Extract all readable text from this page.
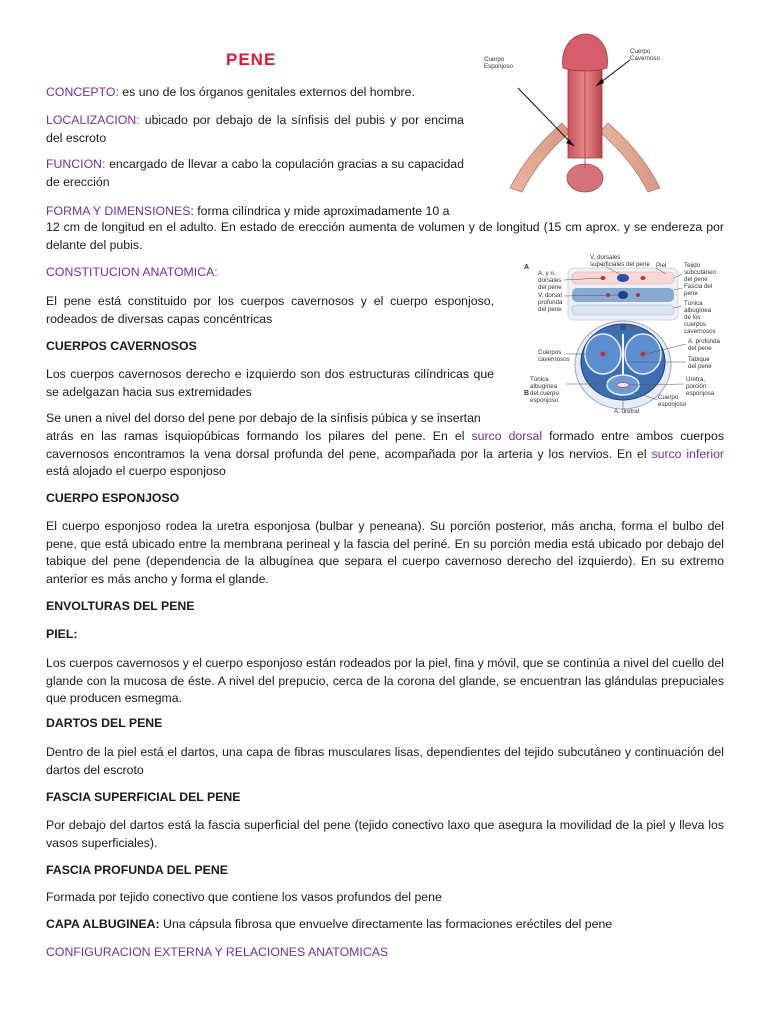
PENE
CONCEPTO: es uno de los órganos genitales externos del hombre.
LOCALIZACION: ubicado por debajo de la sínfisis del pubis y por encima del escroto
FUNCION: encargado de llevar a cabo la copulación gracias a su capacidad de erección
FORMA Y DIMENSIONES: forma cilíndrica y mide aproximadamente 10 a
12 cm de longitud en el adulto. En estado de erección aumenta de volumen y de longitud (15 cm aprox. y se endereza por delante del pubis.
CONSTITUCION ANATOMICA:
El pene está constituido por los cuerpos cavernosos y el cuerpo esponjoso, rodeados de diversas capas concéntricas
CUERPOS CAVERNOSOS
Los cuerpos cavernosos derecho e izquierdo son dos estructuras cilíndricas que se adelgazan hacia sus extremidades
Se unen a nivel del dorso del pene por debajo de la sínfisis púbica y se insertan
atrás en las ramas isquiopúbicas formando los pilares del pene. En el surco dorsal formado entre ambos cuerpos cavernosos encontramos la vena dorsal profunda del pene, acompañada por la arteria y los nervios. En el surco inferior está alojado el cuerpo esponjoso
CUERPO ESPONJOSO
El cuerpo esponjoso rodea la uretra esponjosa (bulbar y peneana). Su porción posterior, más ancha, forma el bulbo del pene, que está ubicado entre la membrana perineal y la fascia del periné. En su porción media está ubicado por debajo del tabique del pene (dependencia de la albugínea que separa el cuerpo cavernoso derecho del izquierdo). En su extremo anterior es más ancho y forma el glande.
ENVOLTURAS DEL PENE
PIEL:
Los cuerpos cavernosos y el cuerpo esponjoso están rodeados por la piel, fina y móvil, que se continúa a nivel del cuello del glande con la mucosa de éste. A nivel del prepucio, cerca de la corona del glande, se encuentran las glándulas prepuciales que producen esmegma.
DARTOS DEL PENE
Dentro de la piel está el dartos, una capa de fibras musculares lisas, dependientes del tejido subcutáneo y continuación del dartos del escroto
FASCIA SUPERFICIAL DEL PENE
Por debajo del dartos está la fascia superficial del pene (tejido conectivo laxo que asegura la movilidad de la piel y lleva los vasos superficiales).
FASCIA PROFUNDA DEL PENE
Formada por tejido conectivo que contiene los vasos profundos del pene
CAPA ALBUGINEA: Una cápsula fibrosa que envuelve directamente las formaciones eréctiles del pene
CONFIGURACION EXTERNA Y RELACIONES ANATOMICAS
Cuerpo
Esponjoso
Cuerpo
Cavernoso
A
B
V. dorsales
superficiales del pene Piel	Tejido
subcutáneo
del pene
A. y n.
dorsales
del pene	Fascia del
pene
V. dorsal
profunda
del pene
Túnica
albugínea
de los
cuerpos
cavernosos
A. profunda
del pene
Tabique
del pene
Cuerpos
cavernosos
Túnica
albugínea
del cuerpo
esponjoso
Uretra,
porción
esponjosa
A. uretral
Cuerpo
esponjoso
